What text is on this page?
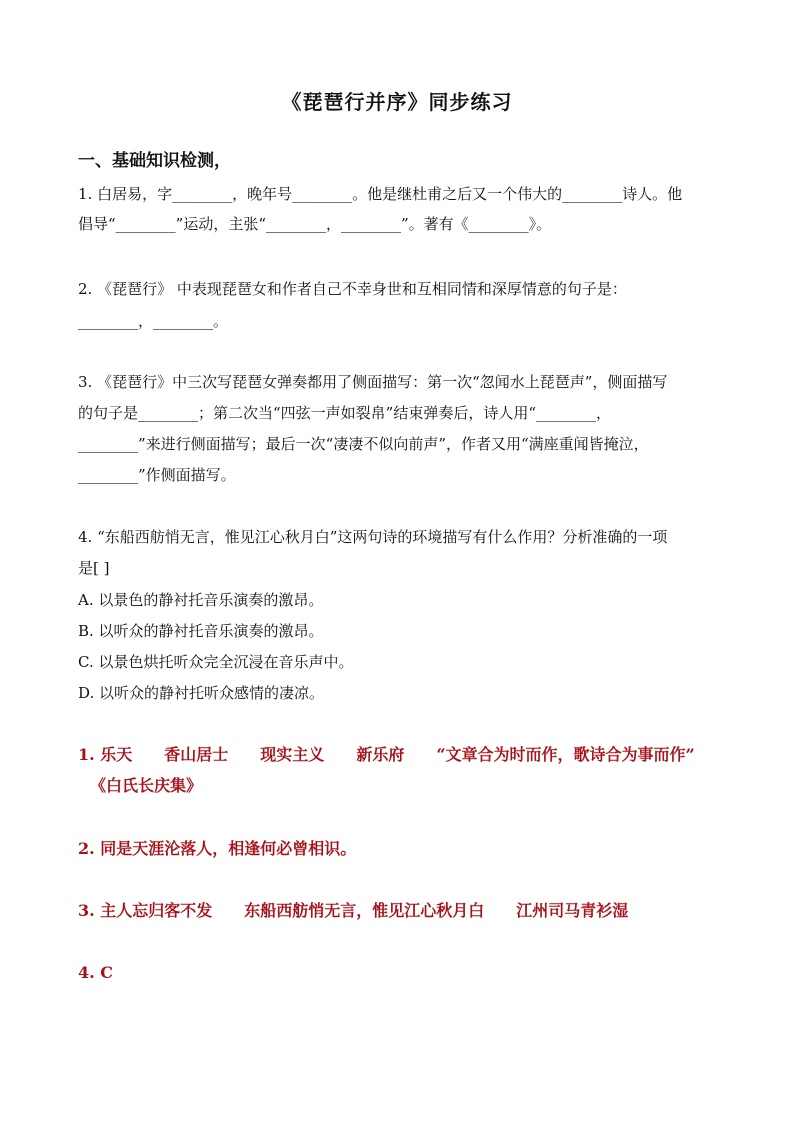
《琵琶行并序》同步练习
一、基础知识检测，
1. 白居易，字________，晚年号________。他是继杜甫之后又一个伟大的________诗人。他
倡导“________”运动，主张“________，________”。著有《________》。
2. 《琵琶行》 中表现琵琶女和作者自己不幸身世和互相同情和深厚情意的句子是：
________，________。
3. 《琵琶行》中三次写琵琶女弹奏都用了侧面描写：第一次“忽闻水上琵琶声”，侧面描写
的句子是________；第二次当“四弦一声如裂帛”结束弹奏后，诗人用“________，
________”来进行侧面描写；最后一次“凄凄不似向前声”，作者又用“满座重闻皆掩泣，
________”作侧面描写。
4. “东船西舫悄无言，惟见江心秋月白”这两句诗的环境描写有什么作用？分析准确的一项
是[ ]
A. 以景色的静衬托音乐演奏的激昂。
B. 以听众的静衬托音乐演奏的激昂。
C. 以景色烘托听众完全沉浸在音乐声中。
D. 以听众的静衬托听众感情的凄凉。
1. 乐天 香山居士 现实主义 新乐府 “文章合为时而作，歌诗合为事而作”
《白氏长庆集》
2. 同是天涯沦落人，相逢何必曾相识。
3. 主人忘归客不发 东船西舫悄无言，惟见江心秋月白 江州司马青衫湿
4. C
